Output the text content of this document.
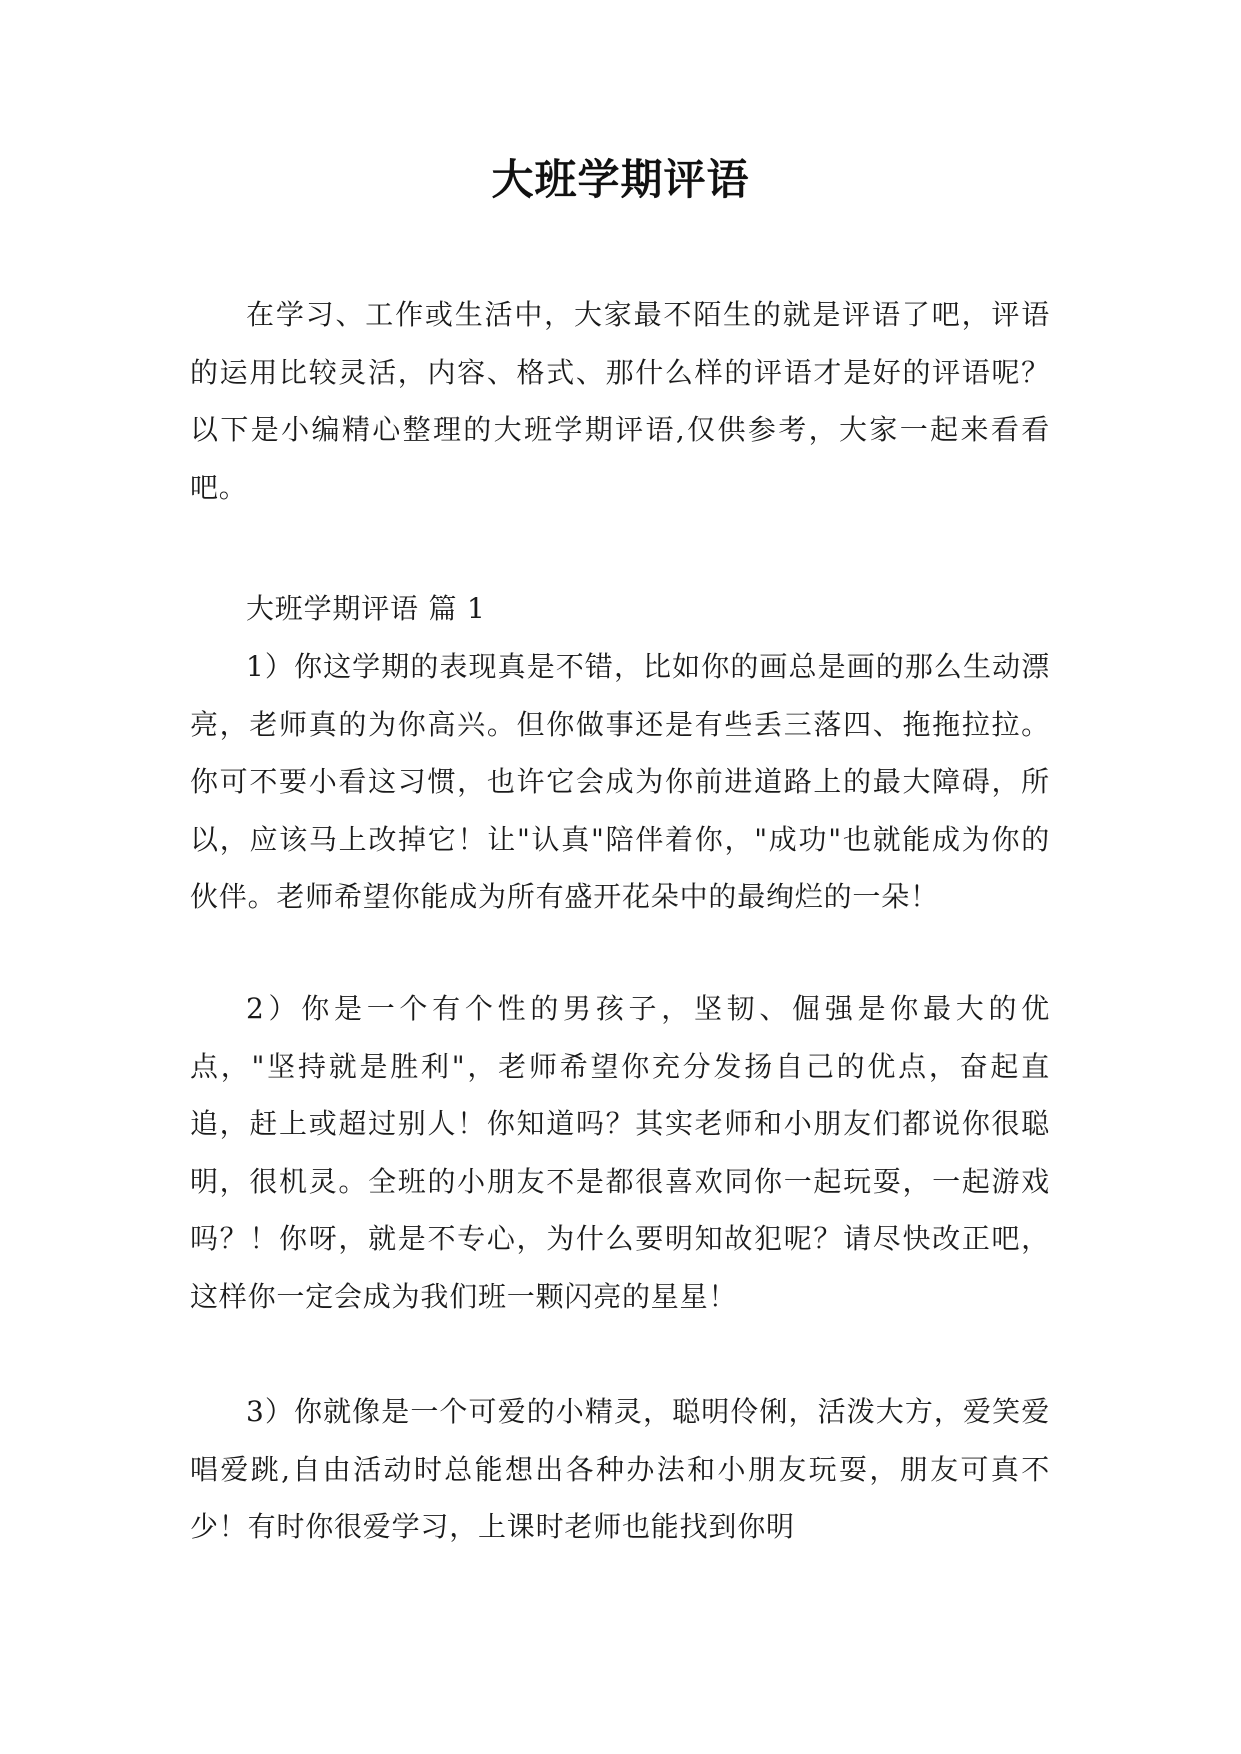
大班学期评语

在学习、工作或生活中，大家最不陌生的就是评语了吧，评语的运用比较灵活，内容、格式、那什么样的评语才是好的评语呢？以下是小编精心整理的大班学期评语,仅供参考，大家一起来看看吧。

大班学期评语 篇 1

1）你这学期的表现真是不错，比如你的画总是画的那么生动漂亮，老师真的为你高兴。但你做事还是有些丢三落四、拖拖拉拉。你可不要小看这习惯，也许它会成为你前进道路上的最大障碍，所以，应该马上改掉它！让"认真"陪伴着你，"成功"也就能成为你的伙伴。老师希望你能成为所有盛开花朵中的最绚烂的一朵！

2）你是一个有个性的男孩子，坚韧、倔强是你最大的优点，"坚持就是胜利"，老师希望你充分发扬自己的优点，奋起直追，赶上或超过别人！你知道吗？其实老师和小朋友们都说你很聪明，很机灵。全班的小朋友不是都很喜欢同你一起玩耍，一起游戏吗？！你呀，就是不专心，为什么要明知故犯呢？请尽快改正吧，这样你一定会成为我们班一颗闪亮的星星！

3）你就像是一个可爱的小精灵，聪明伶俐，活泼大方，爱笑爱唱爱跳,自由活动时总能想出各种办法和小朋友玩耍，朋友可真不少！有时你很爱学习，上课时老师也能找到你明
